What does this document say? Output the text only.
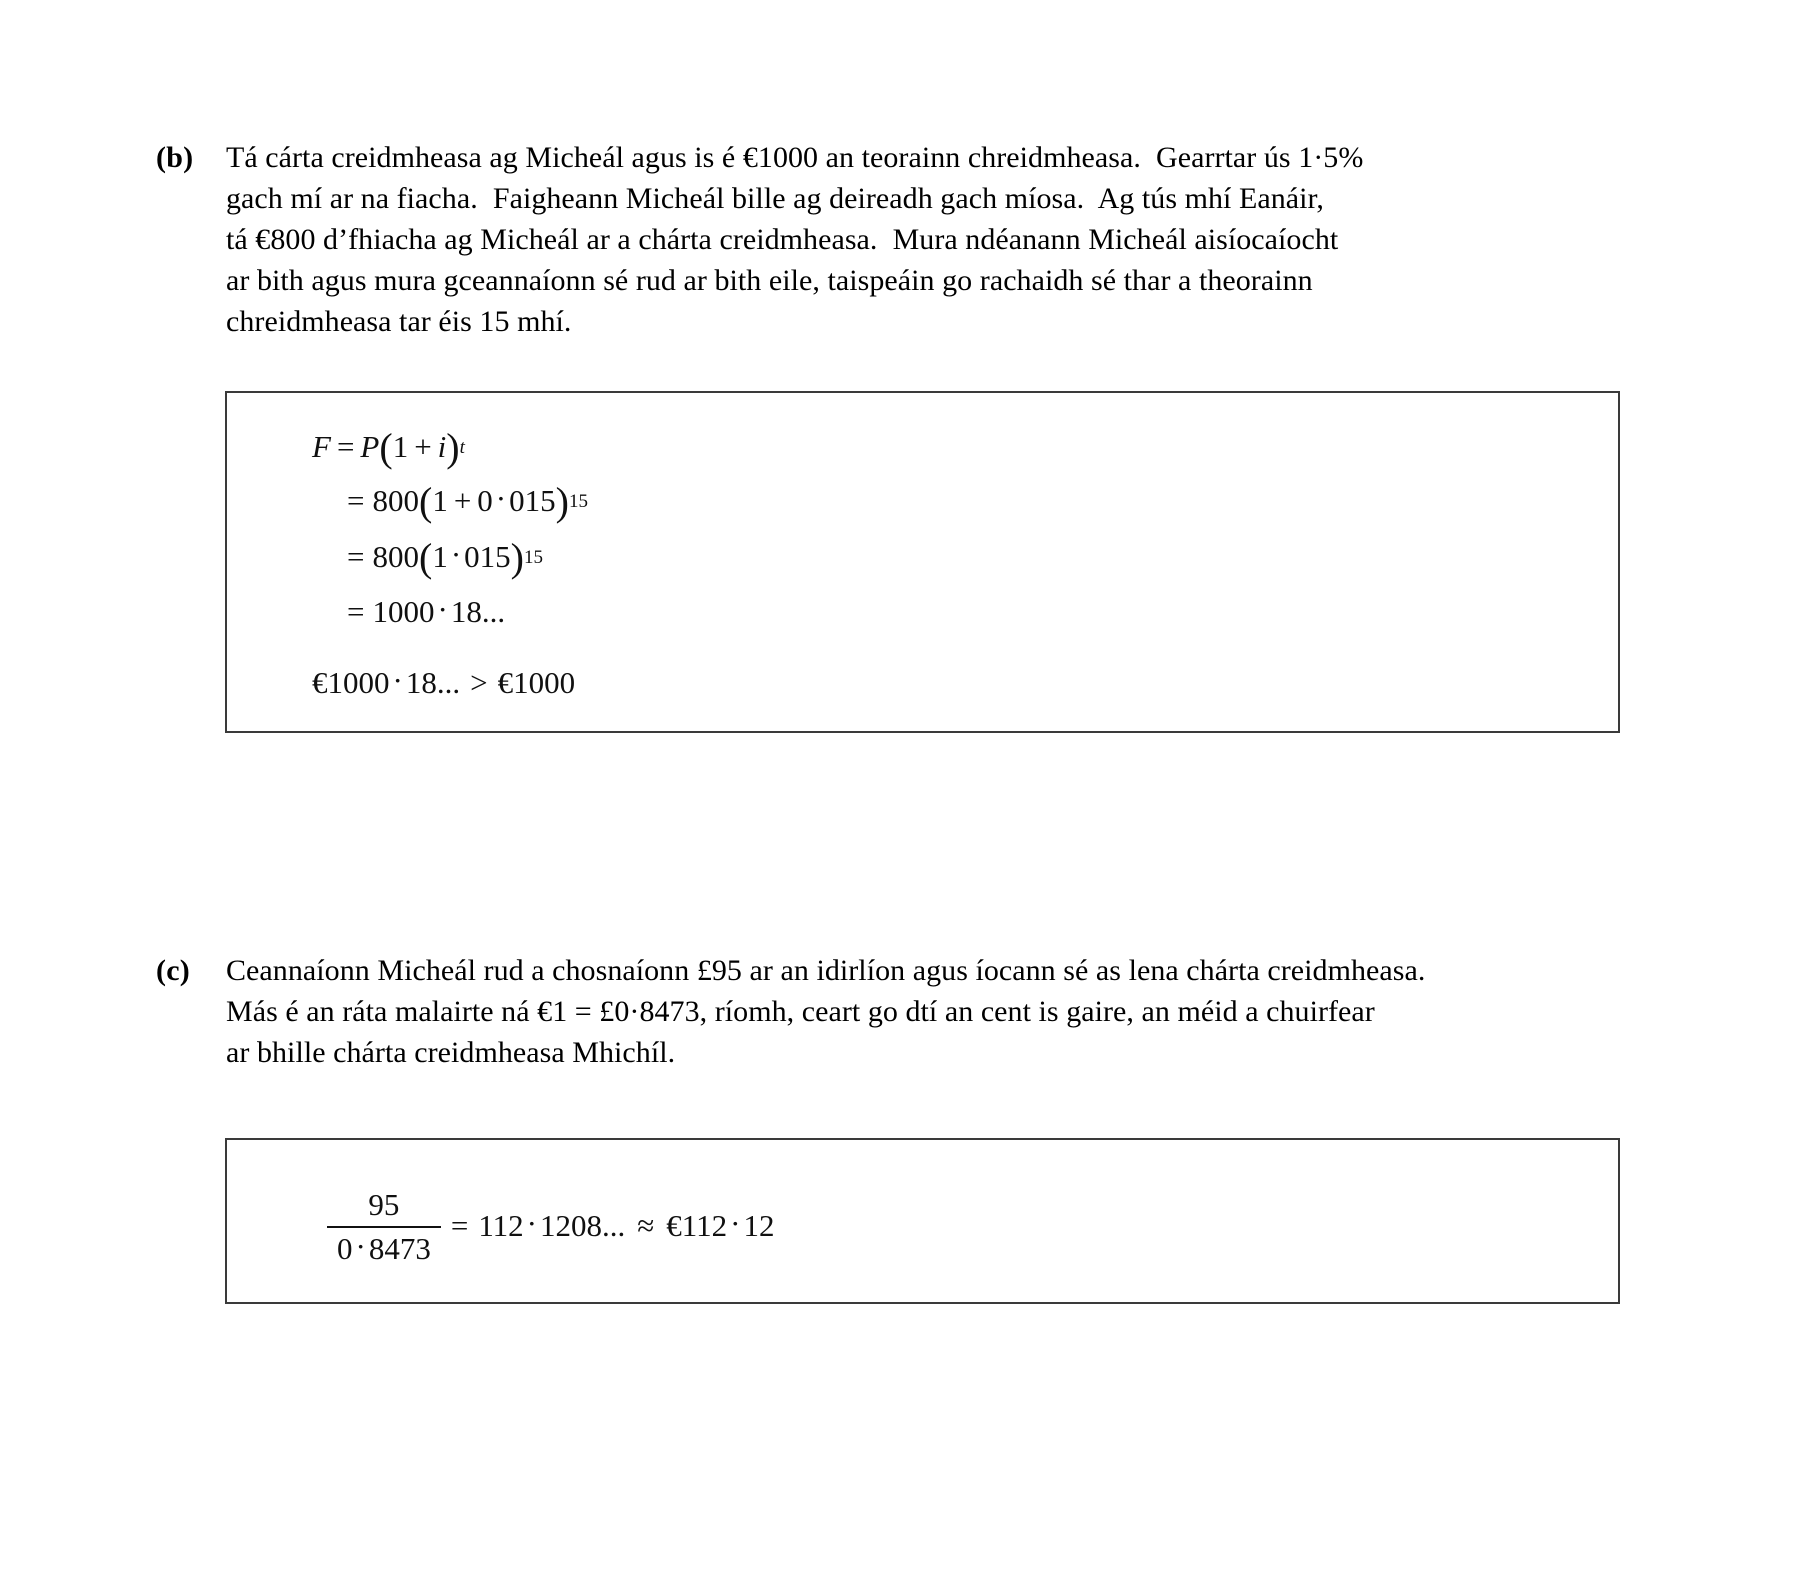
(b)	Tá cárta creidmheasa ag Micheál agus is é €1000 an teorainn chreidmheasa.  Gearrtar ús 1·5%
gach mí ar na fiacha.  Faigheann Micheál bille ag deireadh gach míosa.  Ag tús mhí Eanáir,
tá €800 d’fhiacha ag Micheál ar a chárta creidmheasa.  Mura ndéanann Micheál aisíocaíocht
ar bith agus mura gceannaíonn sé rud ar bith eile, taispeáin go rachaidh sé thar a theorainn
chreidmheasa tar éis 15 mhí.
F = P ( 1 + i )$^t$
= 800 ( 1 + 0 · 015 )$^{15}$
= 800 ( 1 · 015 )$^{15}$
= 1000 · 18...
€1000 · 18... > €1000
(c)	Ceannaíonn Micheál rud a chosnaíonn £95 ar an idirlíon agus íocann sé as lena chárta creidmheasa.
Más é an ráta malairte ná €1 = £0·8473, ríomh, ceart go dtí an cent is gaire, an méid a chuirfear
ar bhille chárta creidmheasa Mhichíl.
$\frac{95}{0\cdot 8473} = 112 \cdot 1208$... ≈ €112 · 12
